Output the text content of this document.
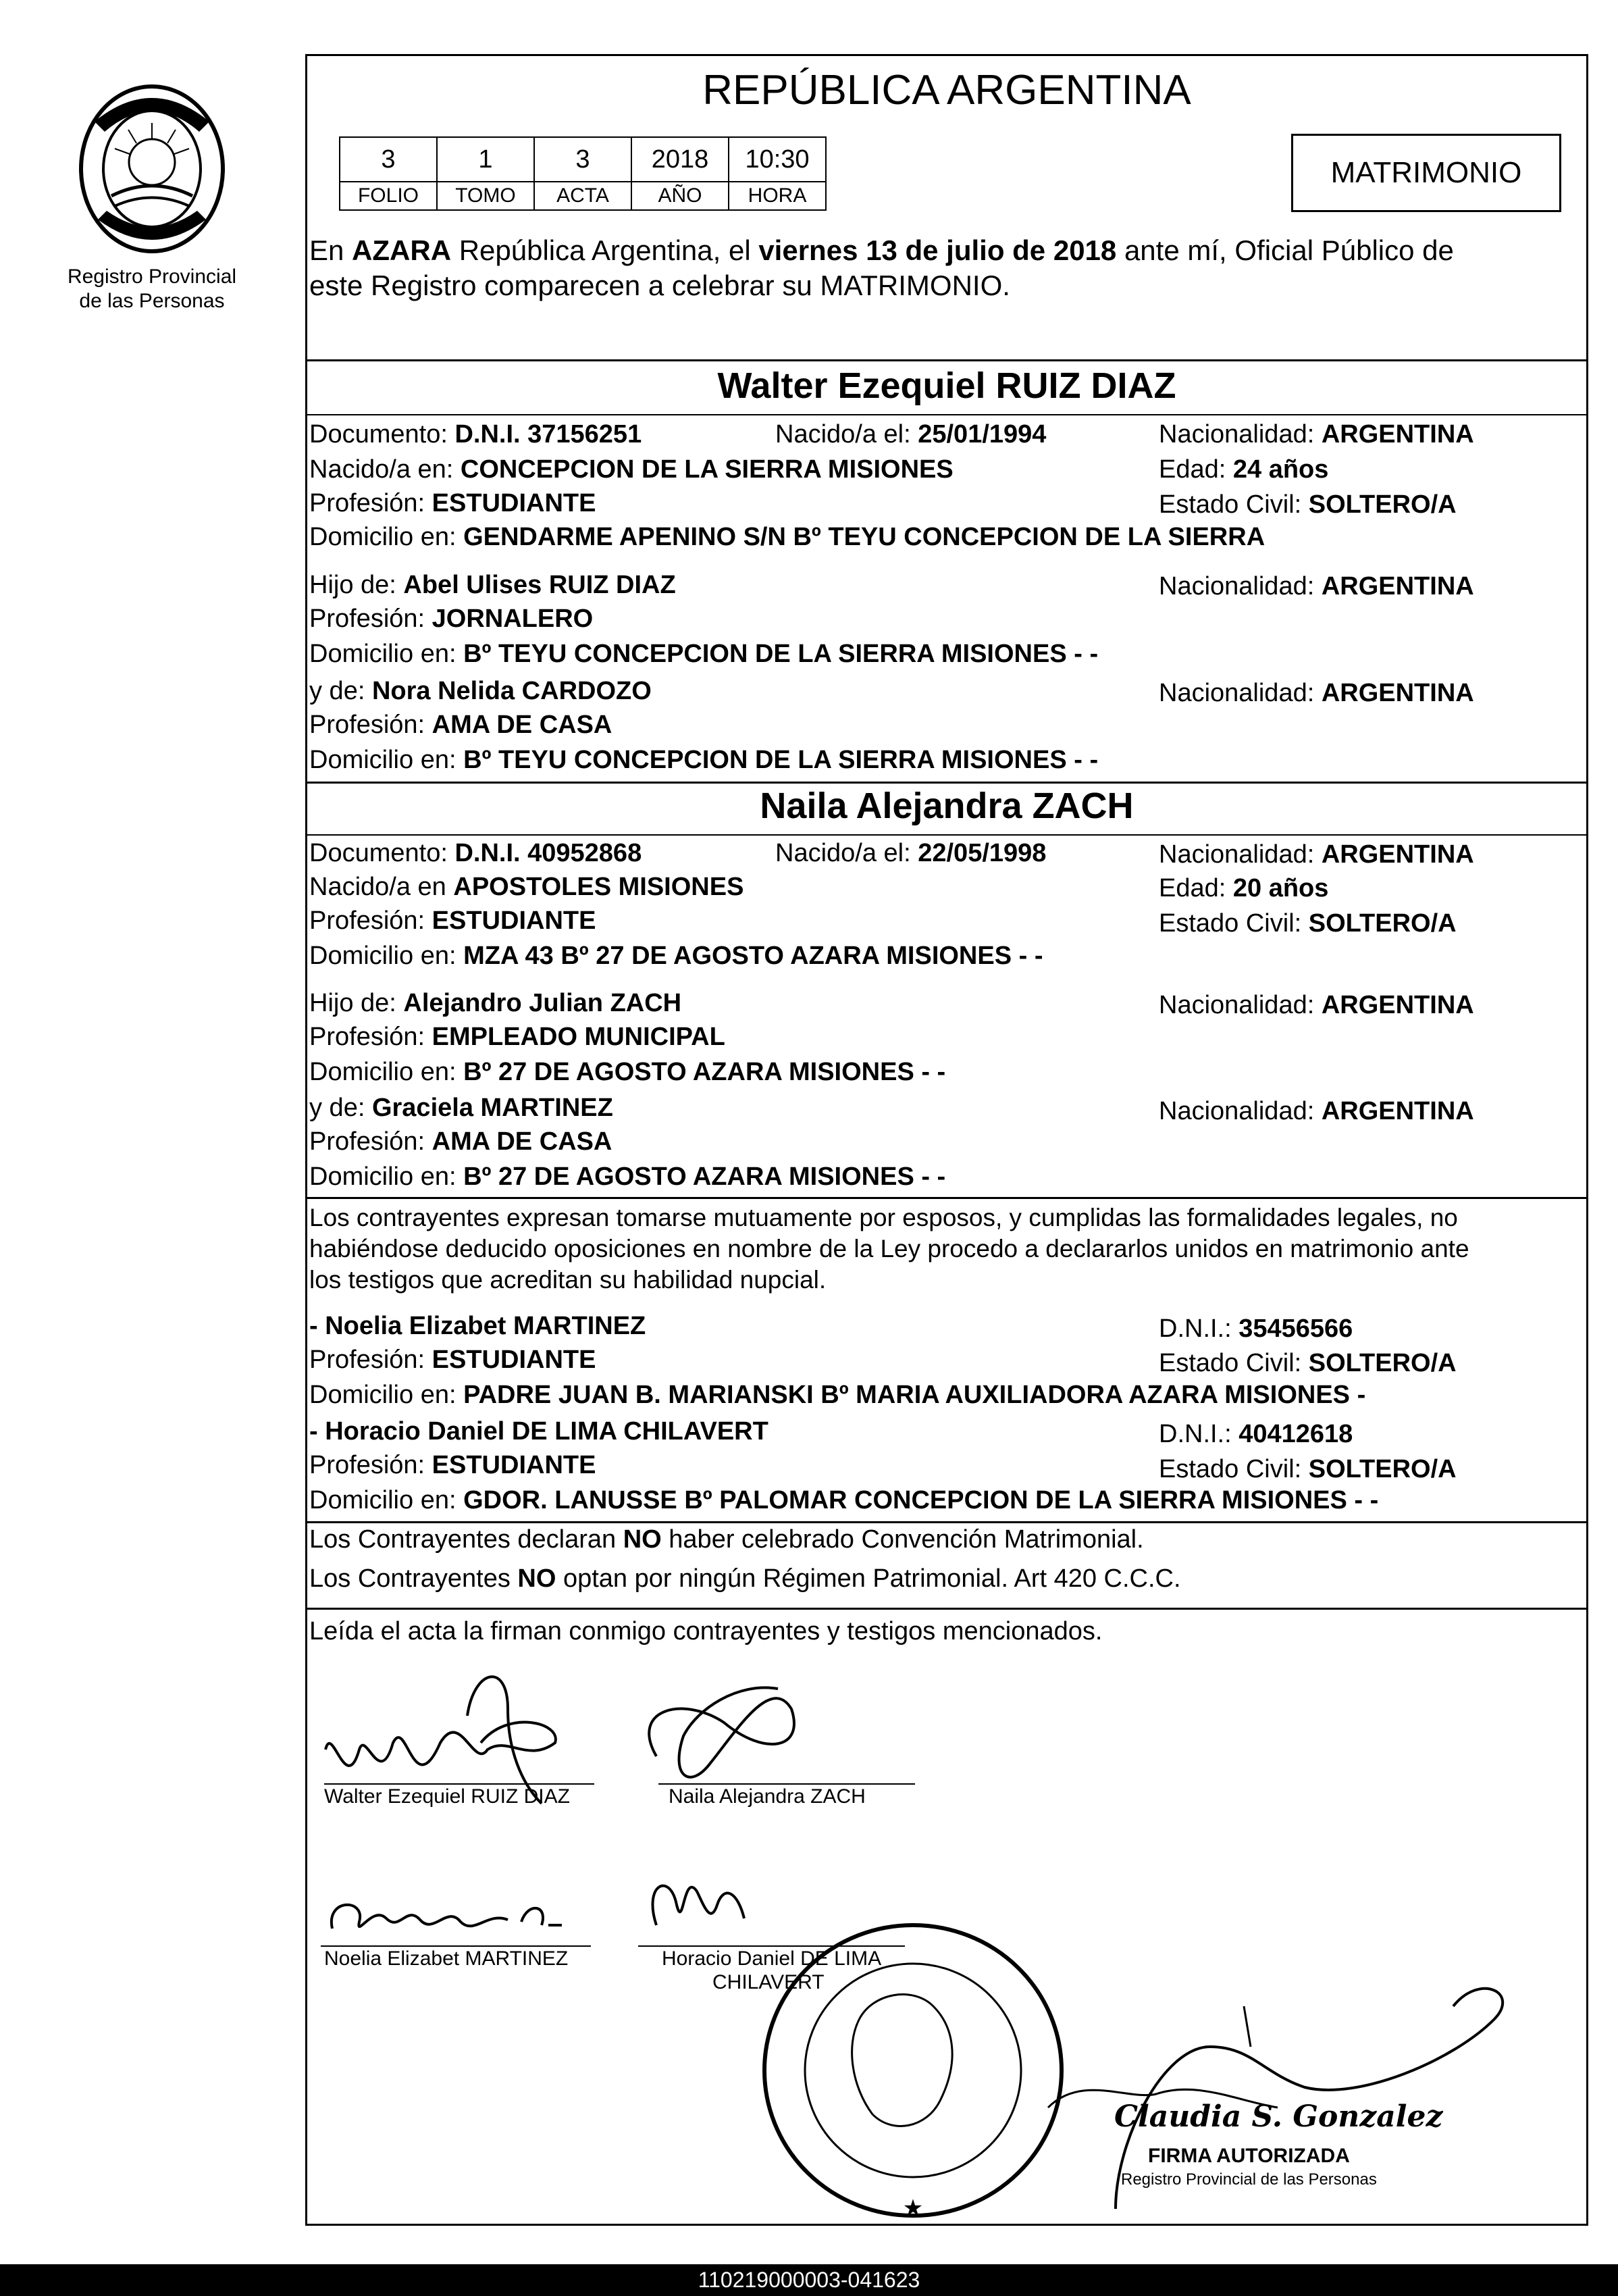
Registro Provincial
de las Personas
REPÚBLICA ARGENTINA
3	1	3	2018	10:30
FOLIO	TOMO	ACTA	AÑO	HORA
MATRIMONIO
En AZARA República Argentina, el viernes 13 de julio de 2018 ante mí, Oficial Público de
este Registro comparecen a celebrar su MATRIMONIO.
Walter Ezequiel RUIZ DIAZ
Documento: D.N.I. 37156251	Nacido/a el: 25/01/1994	Nacionalidad: ARGENTINA
Nacido/a en: CONCEPCION DE LA SIERRA MISIONES	Edad: 24 años
Profesión: ESTUDIANTE	Estado Civil: SOLTERO/A
Domicilio en: GENDARME APENINO S/N Bº TEYU CONCEPCION DE LA SIERRA
Hijo de: Abel Ulises RUIZ DIAZ	Nacionalidad: ARGENTINA
Profesión: JORNALERO
Domicilio en: Bº TEYU CONCEPCION DE LA SIERRA MISIONES - -
y de: Nora Nelida CARDOZO	Nacionalidad: ARGENTINA
Profesión: AMA DE CASA
Domicilio en: Bº TEYU CONCEPCION DE LA SIERRA MISIONES - -
Naila Alejandra ZACH
Documento: D.N.I. 40952868	Nacido/a el: 22/05/1998	Nacionalidad: ARGENTINA
Nacido/a en APOSTOLES MISIONES	Edad: 20 años
Profesión: ESTUDIANTE	Estado Civil: SOLTERO/A
Domicilio en: MZA 43 Bº 27 DE AGOSTO AZARA MISIONES - -
Hijo de: Alejandro Julian ZACH	Nacionalidad: ARGENTINA
Profesión: EMPLEADO MUNICIPAL
Domicilio en: Bº 27 DE AGOSTO AZARA MISIONES - -
y de: Graciela MARTINEZ	Nacionalidad: ARGENTINA
Profesión: AMA DE CASA
Domicilio en: Bº 27 DE AGOSTO AZARA MISIONES - -
Los contrayentes expresan tomarse mutuamente por esposos, y cumplidas las formalidades legales, no
habiéndose deducido oposiciones en nombre de la Ley procedo a declararlos unidos en matrimonio ante
los testigos que acreditan su habilidad nupcial.
- Noelia Elizabet MARTINEZ	D.N.I.: 35456566
Profesión: ESTUDIANTE	Estado Civil: SOLTERO/A
Domicilio en: PADRE JUAN B. MARIANSKI Bº MARIA AUXILIADORA AZARA MISIONES -
- Horacio Daniel DE LIMA CHILAVERT	D.N.I.: 40412618
Profesión: ESTUDIANTE	Estado Civil: SOLTERO/A
Domicilio en: GDOR. LANUSSE Bº PALOMAR CONCEPCION DE LA SIERRA MISIONES - -
Los Contrayentes declaran NO haber celebrado Convención Matrimonial.
Los Contrayentes NO optan por ningún Régimen Patrimonial. Art 420 C.C.C.
Leída el acta la firman conmigo contrayentes y testigos mencionados.
★
Walter Ezequiel RUIZ DIAZ	Naila Alejandra ZACH
Noelia Elizabet MARTINEZ	Horacio Daniel DE LIMA
CHILAVERT
Claudia S. Gonzalez
FIRMA AUTORIZADA
Registro Provincial de las Personas
110219000003-041623
